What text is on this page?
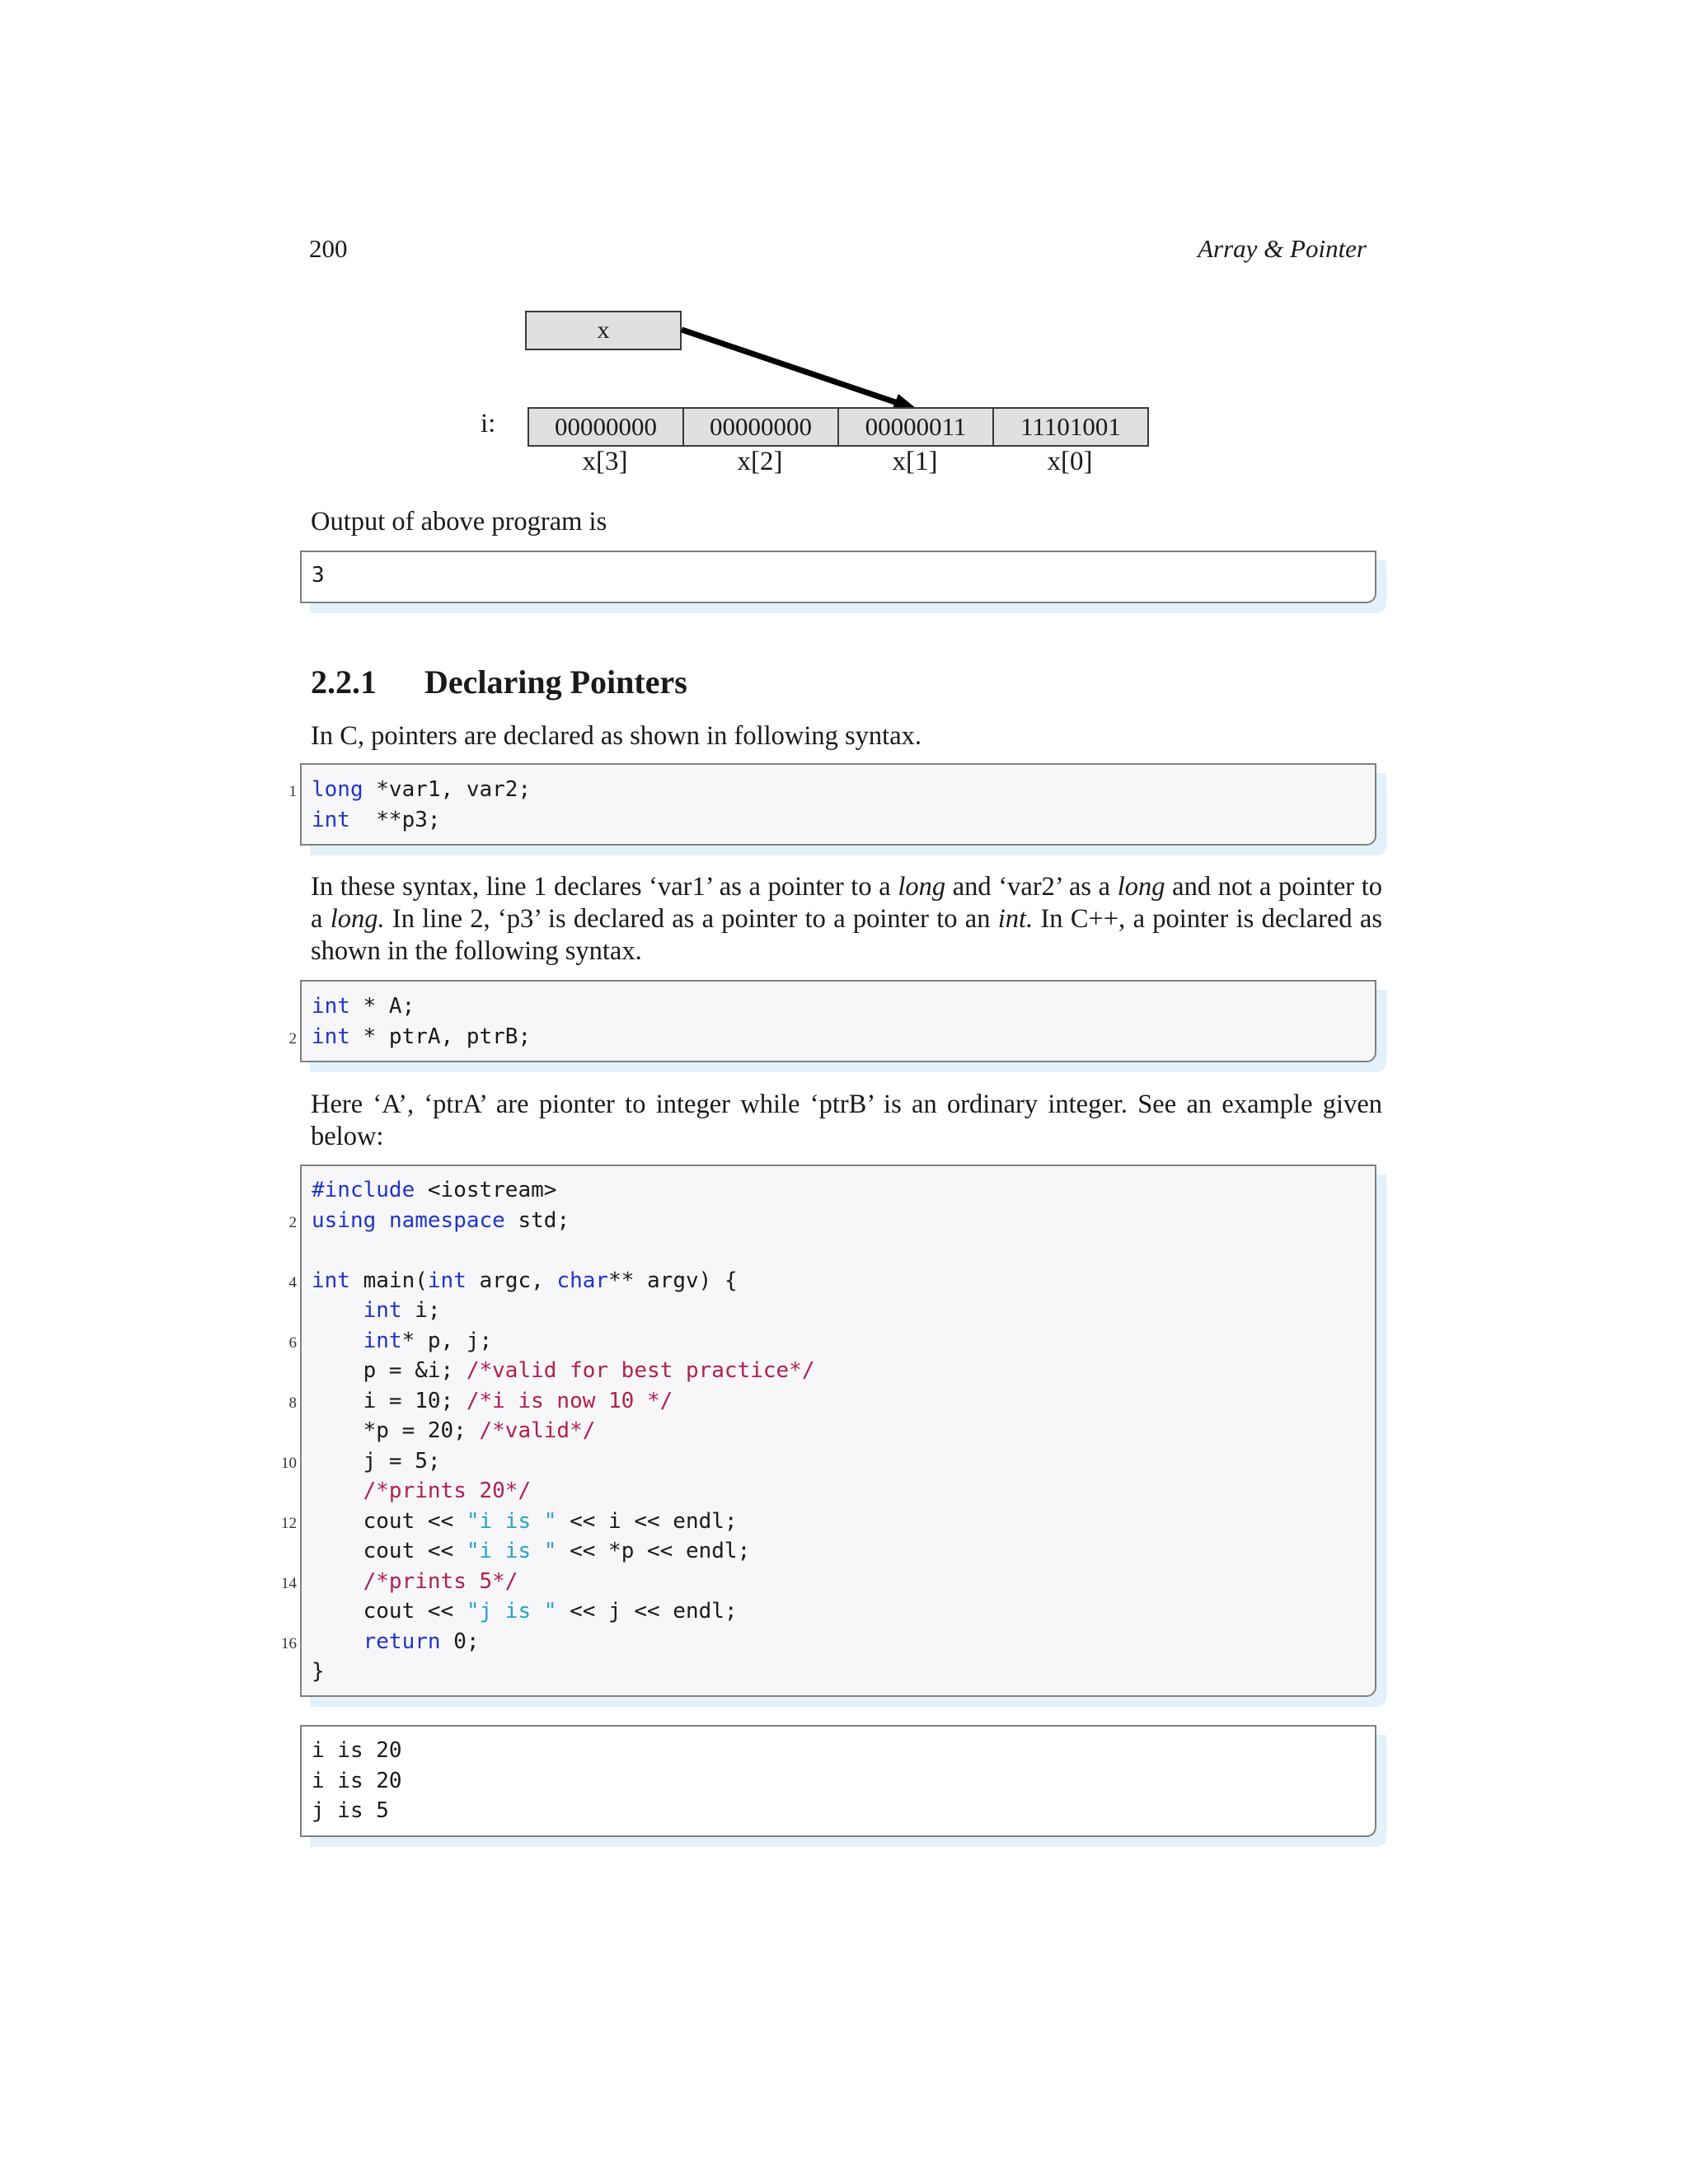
200	Array & Pointer
x
i:	00000000	00000000	00000011	11101001
x[3]	x[2]	x[1]	x[0]
Output of above program is
3
2.2.1 Declaring Pointers
In C, pointers are declared as shown in following syntax.
1 long *var1, var2;
int  **p3;
In these syntax, line 1 declares ‘var1’ as a pointer to a long and ‘var2’ as a long and not a pointer to a long. In line 2, ‘p3’ is declared as a pointer to a pointer to an int. In C++, a pointer is declared as shown in the following syntax.
2
int * A;
int * ptrA, ptrB;
Here ‘A’, ‘ptrA’ are pionter to integer while ‘ptrB’ is an ordinary integer. See an example given below:
2
4
6
8
10
12
14
16
#include <iostream>
using namespace std;

int main(int argc, char** argv) {
int i;
int* p, j;
p = &i; /*valid for best practice*/
i = 10; /*i is now 10 */
*p = 20; /*valid*/
j = 5;
/*prints 20*/
cout << "i is " << i << endl;
cout << "i is " << *p << endl;
/*prints 5*/
cout << "j is " << j << endl;
return 0;
}
i is 20
i is 20
j is 5
